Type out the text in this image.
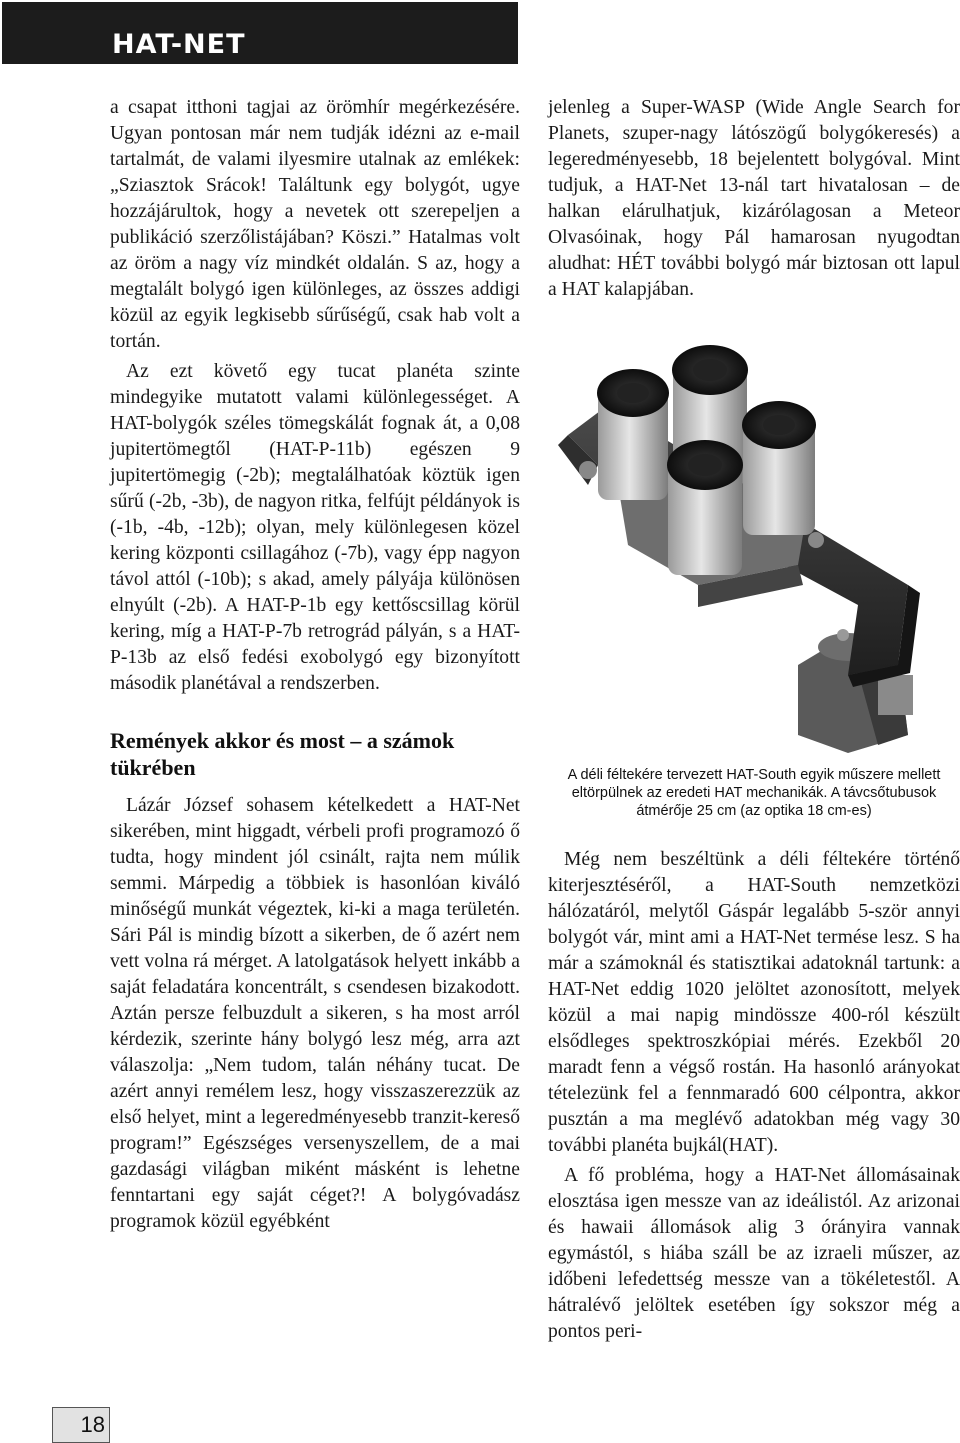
HAT-NET

a csapat itthoni tagjai az örömhír megérkezésére. Ugyan pontosan már nem tudják idézni az e-mail tartalmát, de valami ilyesmire utalnak az emlékek: „Sziasztok Srácok! Találtunk egy bolygót, ugye hozzájárultok, hogy a nevetek ott szerepeljen a publikáció szerzőlistájában? Köszi.” Hatalmas volt az öröm a nagy víz mindkét oldalán. S az, hogy a megtalált bolygó igen különleges, az összes addigi közül az egyik legkisebb sűrűségű, csak hab volt a tortán.

Az ezt követő egy tucat planéta szinte mindegyike mutatott valami különlegességet. A HAT-bolygók széles tömegskálát fognak át, a 0,08 jupitertömegtől (HAT-P-11b) egészen 9 jupitertömegig (-2b); megtalálhatóak köztük igen sűrű (-2b, -3b), de nagyon ritka, felfújt példányok is (-1b, -4b, -12b); olyan, mely különlegesen közel kering központi csillagához (-7b), vagy épp nagyon távol attól (-10b); s akad, amely pályája különösen elnyúlt (-2b). A HAT-P-1b egy kettőscsillag körül kering, míg a HAT-P-7b retrográd pályán, s a HAT-P-13b az első fedési exobolygó egy bizonyított második planétával a rendszerben.

Remények akkor és most – a számok tükrében

Lázár József sohasem kételkedett a HAT-Net sikerében, mint higgadt, vérbeli profi programozó ő tudta, hogy mindent jól csinált, rajta nem múlik semmi. Márpedig a többiek is hasonlóan kiváló minőségű munkát végeztek, ki-ki a maga területén. Sári Pál is mindig bízott a sikerben, de ő azért nem vett volna rá mérget. A latolgatások helyett inkább a saját feladatára koncentrált, s csendesen bizakodott. Aztán persze felbuzdult a sikeren, s ha most arról kérdezik, szerinte hány bolygó lesz még, arra azt válaszolja: „Nem tudom, talán néhány tucat. De azért annyi remélem lesz, hogy visszaszerezzük az első helyet, mint a legeredményesebb tranzit-kereső program!” Egészséges versenyszellem, de a mai gazdasági világban miként másként is lehetne fenntartani egy saját céget?! A bolygóvadász programok közül egyébként

jelenleg a Super-WASP (Wide Angle Search for Planets, szuper-nagy látószögű bolygókeresés) a legeredményesebb, 18 bejelentett bolygóval. Mint tudjuk, a HAT-Net 13-nál tart hivatalosan – de halkan elárulhatjuk, kizárólagosan a Meteor Olvasóinak, hogy Pál hamarosan nyugodtan aludhat: HÉT további bolygó már biztosan ott lapul a HAT kalapjában.

A déli féltekére tervezett HAT-South egyik műszere mellett eltörpülnek az eredeti HAT mechanikák. A távcsőtubusok átmérője 25 cm (az optika 18 cm-es)

Még nem beszéltünk a déli féltekére történő kiterjesztéséről, a HAT-South nemzetközi hálózatáról, melytől Gáspár legalább 5-ször annyi bolygót vár, mint ami a HAT-Net termése lesz. S ha már a számoknál és statisztikai adatoknál tartunk: a HAT-Net eddig 1020 jelöltet azonosított, melyek közül a mai napig mindössze 400-ról készült elsődleges spektroszkópiai mérés. Ezekből 20 maradt fenn a végső rostán. Ha hasonló arányokat tételezünk fel a fennmaradó 600 célpontra, akkor pusztán a ma meglévő adatokban még vagy 30 további planéta bujkál(HAT).

A fő probléma, hogy a HAT-Net állomásainak elosztása igen messze van az ideálistól. Az arizonai és hawaii állomások alig 3 órányira vannak egymástól, s hiába száll be az izraeli műszer, az időbeni lefedettség messze van a tökéletestől. A hátralévő jelöltek esetében így sokszor még a pontos peri-

18
